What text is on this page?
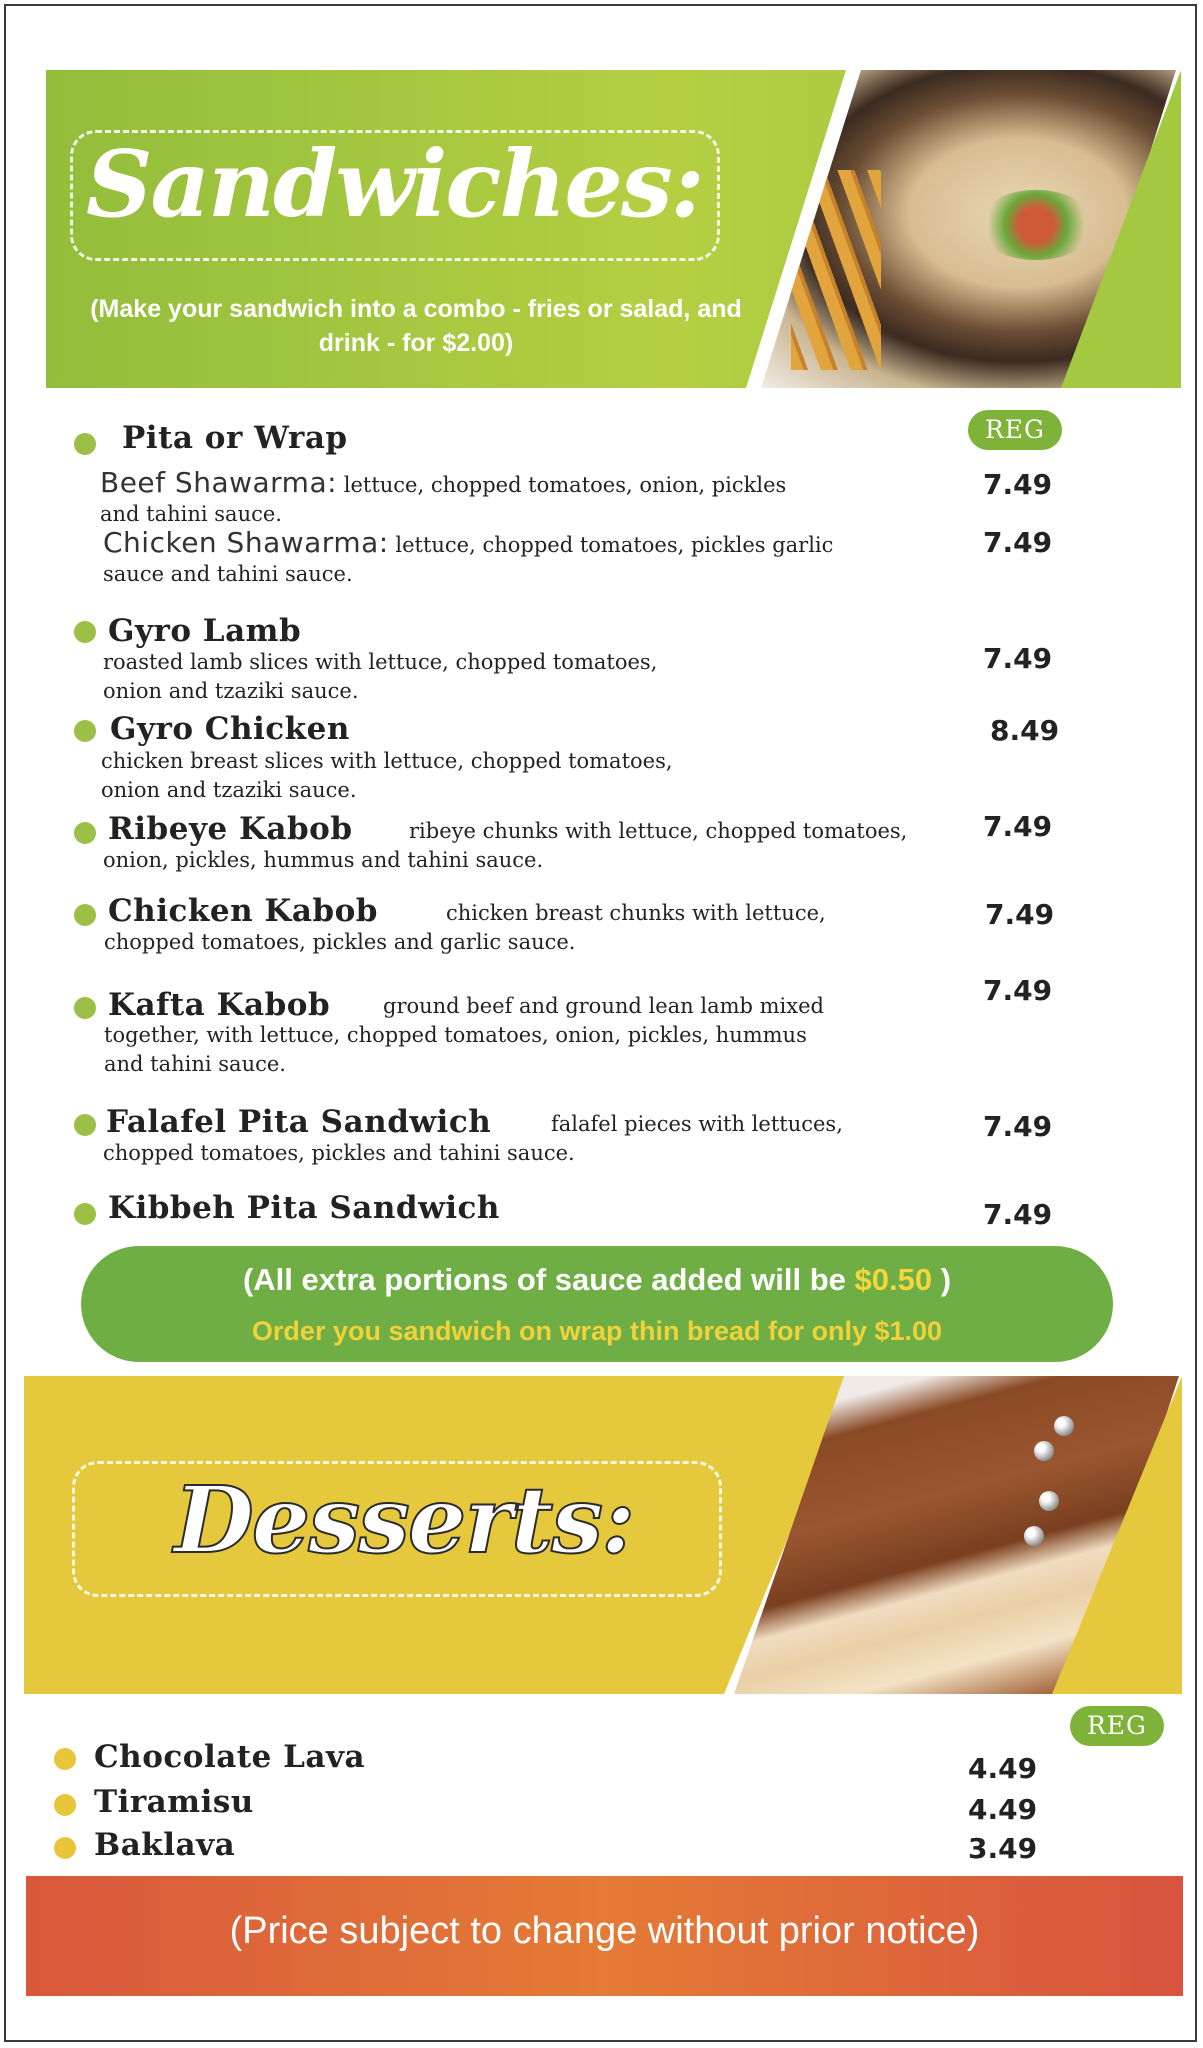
Sandwiches:
(Make your sandwich into a combo - fries or salad, and drink - for $2.00)
REG
Pita or Wrap
Beef Shawarma: lettuce, chopped tomatoes, onion, pickles and tahini sauce.
7.49
Chicken Shawarma: lettuce, chopped tomatoes, pickles garlic sauce and tahini sauce.
7.49
Gyro Lamb
roasted lamb slices with lettuce, chopped tomatoes, onion and tzaziki sauce.
7.49
Gyro Chicken
chicken breast slices with lettuce, chopped tomatoes, onion and tzaziki sauce.
8.49
Ribeye Kabob	ribeye chunks with lettuce, chopped tomatoes, onion, pickles, hummus and tahini sauce.
7.49
Chicken Kabob	chicken breast chunks with lettuce, chopped tomatoes, pickles and garlic sauce.
7.49
Kafta Kabob	ground beef and ground lean lamb mixed together, with lettuce, chopped tomatoes, onion, pickles, hummus and tahini sauce.
7.49
Falafel Pita Sandwich	falafel pieces with lettuces, chopped tomatoes, pickles and tahini sauce.
7.49
Kibbeh Pita Sandwich	7.49
(All extra portions of sauce added will be $0.50 )
Order you sandwich on wrap thin bread for only $1.00
Desserts:
REG
Chocolate Lava	4.49
Tiramisu	4.49
Baklava	3.49
(Price subject to change without prior notice)
